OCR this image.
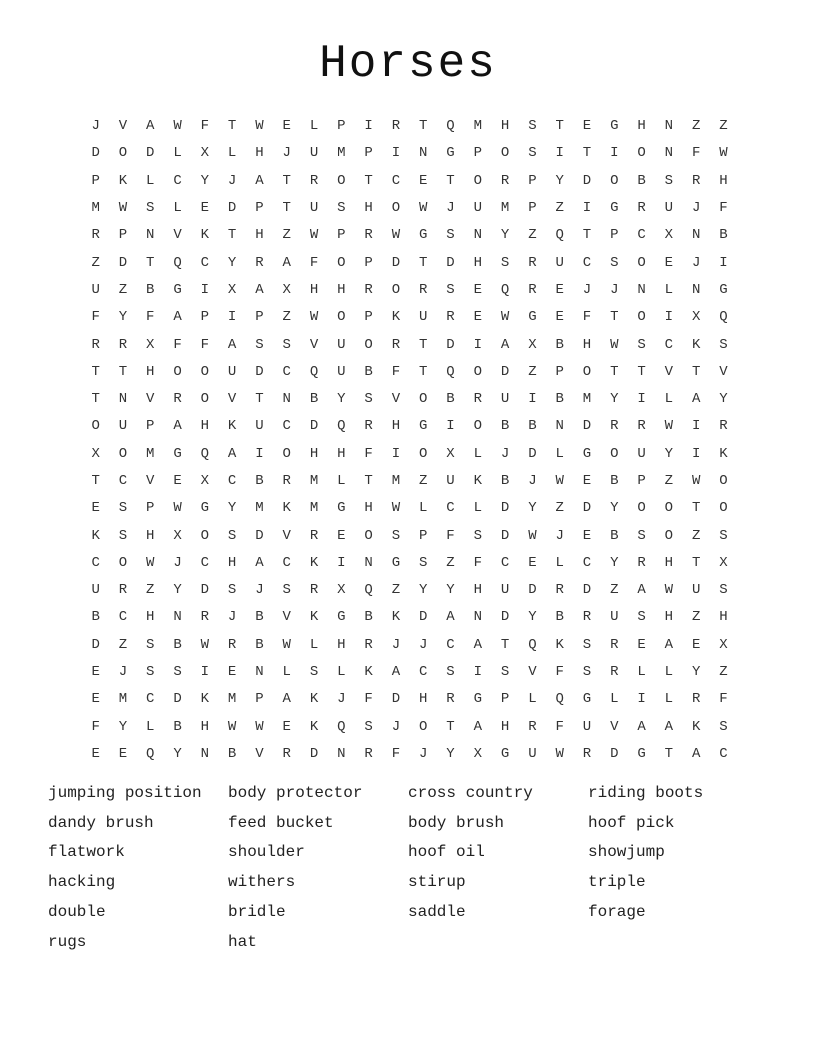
Horses
J	V	A	W	F	T	W	E	L	P	I	R	T	Q	M	H	S	T	E	G	H	N	Z	Z
D	O	D	L	X	L	H	J	U	M	P	I	N	G	P	O	S	I	T	I	O	N	F	W
P	K	L	C	Y	J	A	T	R	O	T	C	E	T	O	R	P	Y	D	O	B	S	R	H
M	W	S	L	E	D	P	T	U	S	H	O	W	J	U	M	P	Z	I	G	R	U	J	F
R	P	N	V	K	T	H	Z	W	P	R	W	G	S	N	Y	Z	Q	T	P	C	X	N	B
Z	D	T	Q	C	Y	R	A	F	O	P	D	T	D	H	S	R	U	C	S	O	E	J	I
U	Z	B	G	I	X	A	X	H	H	R	O	R	S	E	Q	R	E	J	J	N	L	N	G
F	Y	F	A	P	I	P	Z	W	O	P	K	U	R	E	W	G	E	F	T	O	I	X	Q
R	R	X	F	F	A	S	S	V	U	O	R	T	D	I	A	X	B	H	W	S	C	K	S
T	T	H	O	O	U	D	C	Q	U	B	F	T	Q	O	D	Z	P	O	T	T	V	T	V
T	N	V	R	O	V	T	N	B	Y	S	V	O	B	R	U	I	B	M	Y	I	L	A	Y
O	U	P	A	H	K	U	C	D	Q	R	H	G	I	O	B	B	N	D	R	R	W	I	R
X	O	M	G	Q	A	I	O	H	H	F	I	O	X	L	J	D	L	G	O	U	Y	I	K
T	C	V	E	X	C	B	R	M	L	T	M	Z	U	K	B	J	W	E	B	P	Z	W	O
E	S	P	W	G	Y	M	K	M	G	H	W	L	C	L	D	Y	Z	D	Y	O	O	T	O
K	S	H	X	O	S	D	V	R	E	O	S	P	F	S	D	W	J	E	B	S	O	Z	S
C	O	W	J	C	H	A	C	K	I	N	G	S	Z	F	C	E	L	C	Y	R	H	T	X
U	R	Z	Y	D	S	J	S	R	X	Q	Z	Y	Y	H	U	D	R	D	Z	A	W	U	S
B	C	H	N	R	J	B	V	K	G	B	K	D	A	N	D	Y	B	R	U	S	H	Z	H
D	Z	S	B	W	R	B	W	L	H	R	J	J	C	A	T	Q	K	S	R	E	A	E	X
E	J	S	S	I	E	N	L	S	L	K	A	C	S	I	S	V	F	S	R	L	L	Y	Z
E	M	C	D	K	M	P	A	K	J	F	D	H	R	G	P	L	Q	G	L	I	L	R	F
F	Y	L	B	H	W	W	E	K	Q	S	J	O	T	A	H	R	F	U	V	A	A	K	S
E	E	Q	Y	N	B	V	R	D	N	R	F	J	Y	X	G	U	W	R	D	G	T	A	C
jumping position	body protector	cross country	riding boots
dandy brush	feed bucket	body brush	hoof pick
flatwork	shoulder	hoof oil	showjump
hacking	withers	stirup	triple
double	bridle	saddle	forage
rugs	hat
